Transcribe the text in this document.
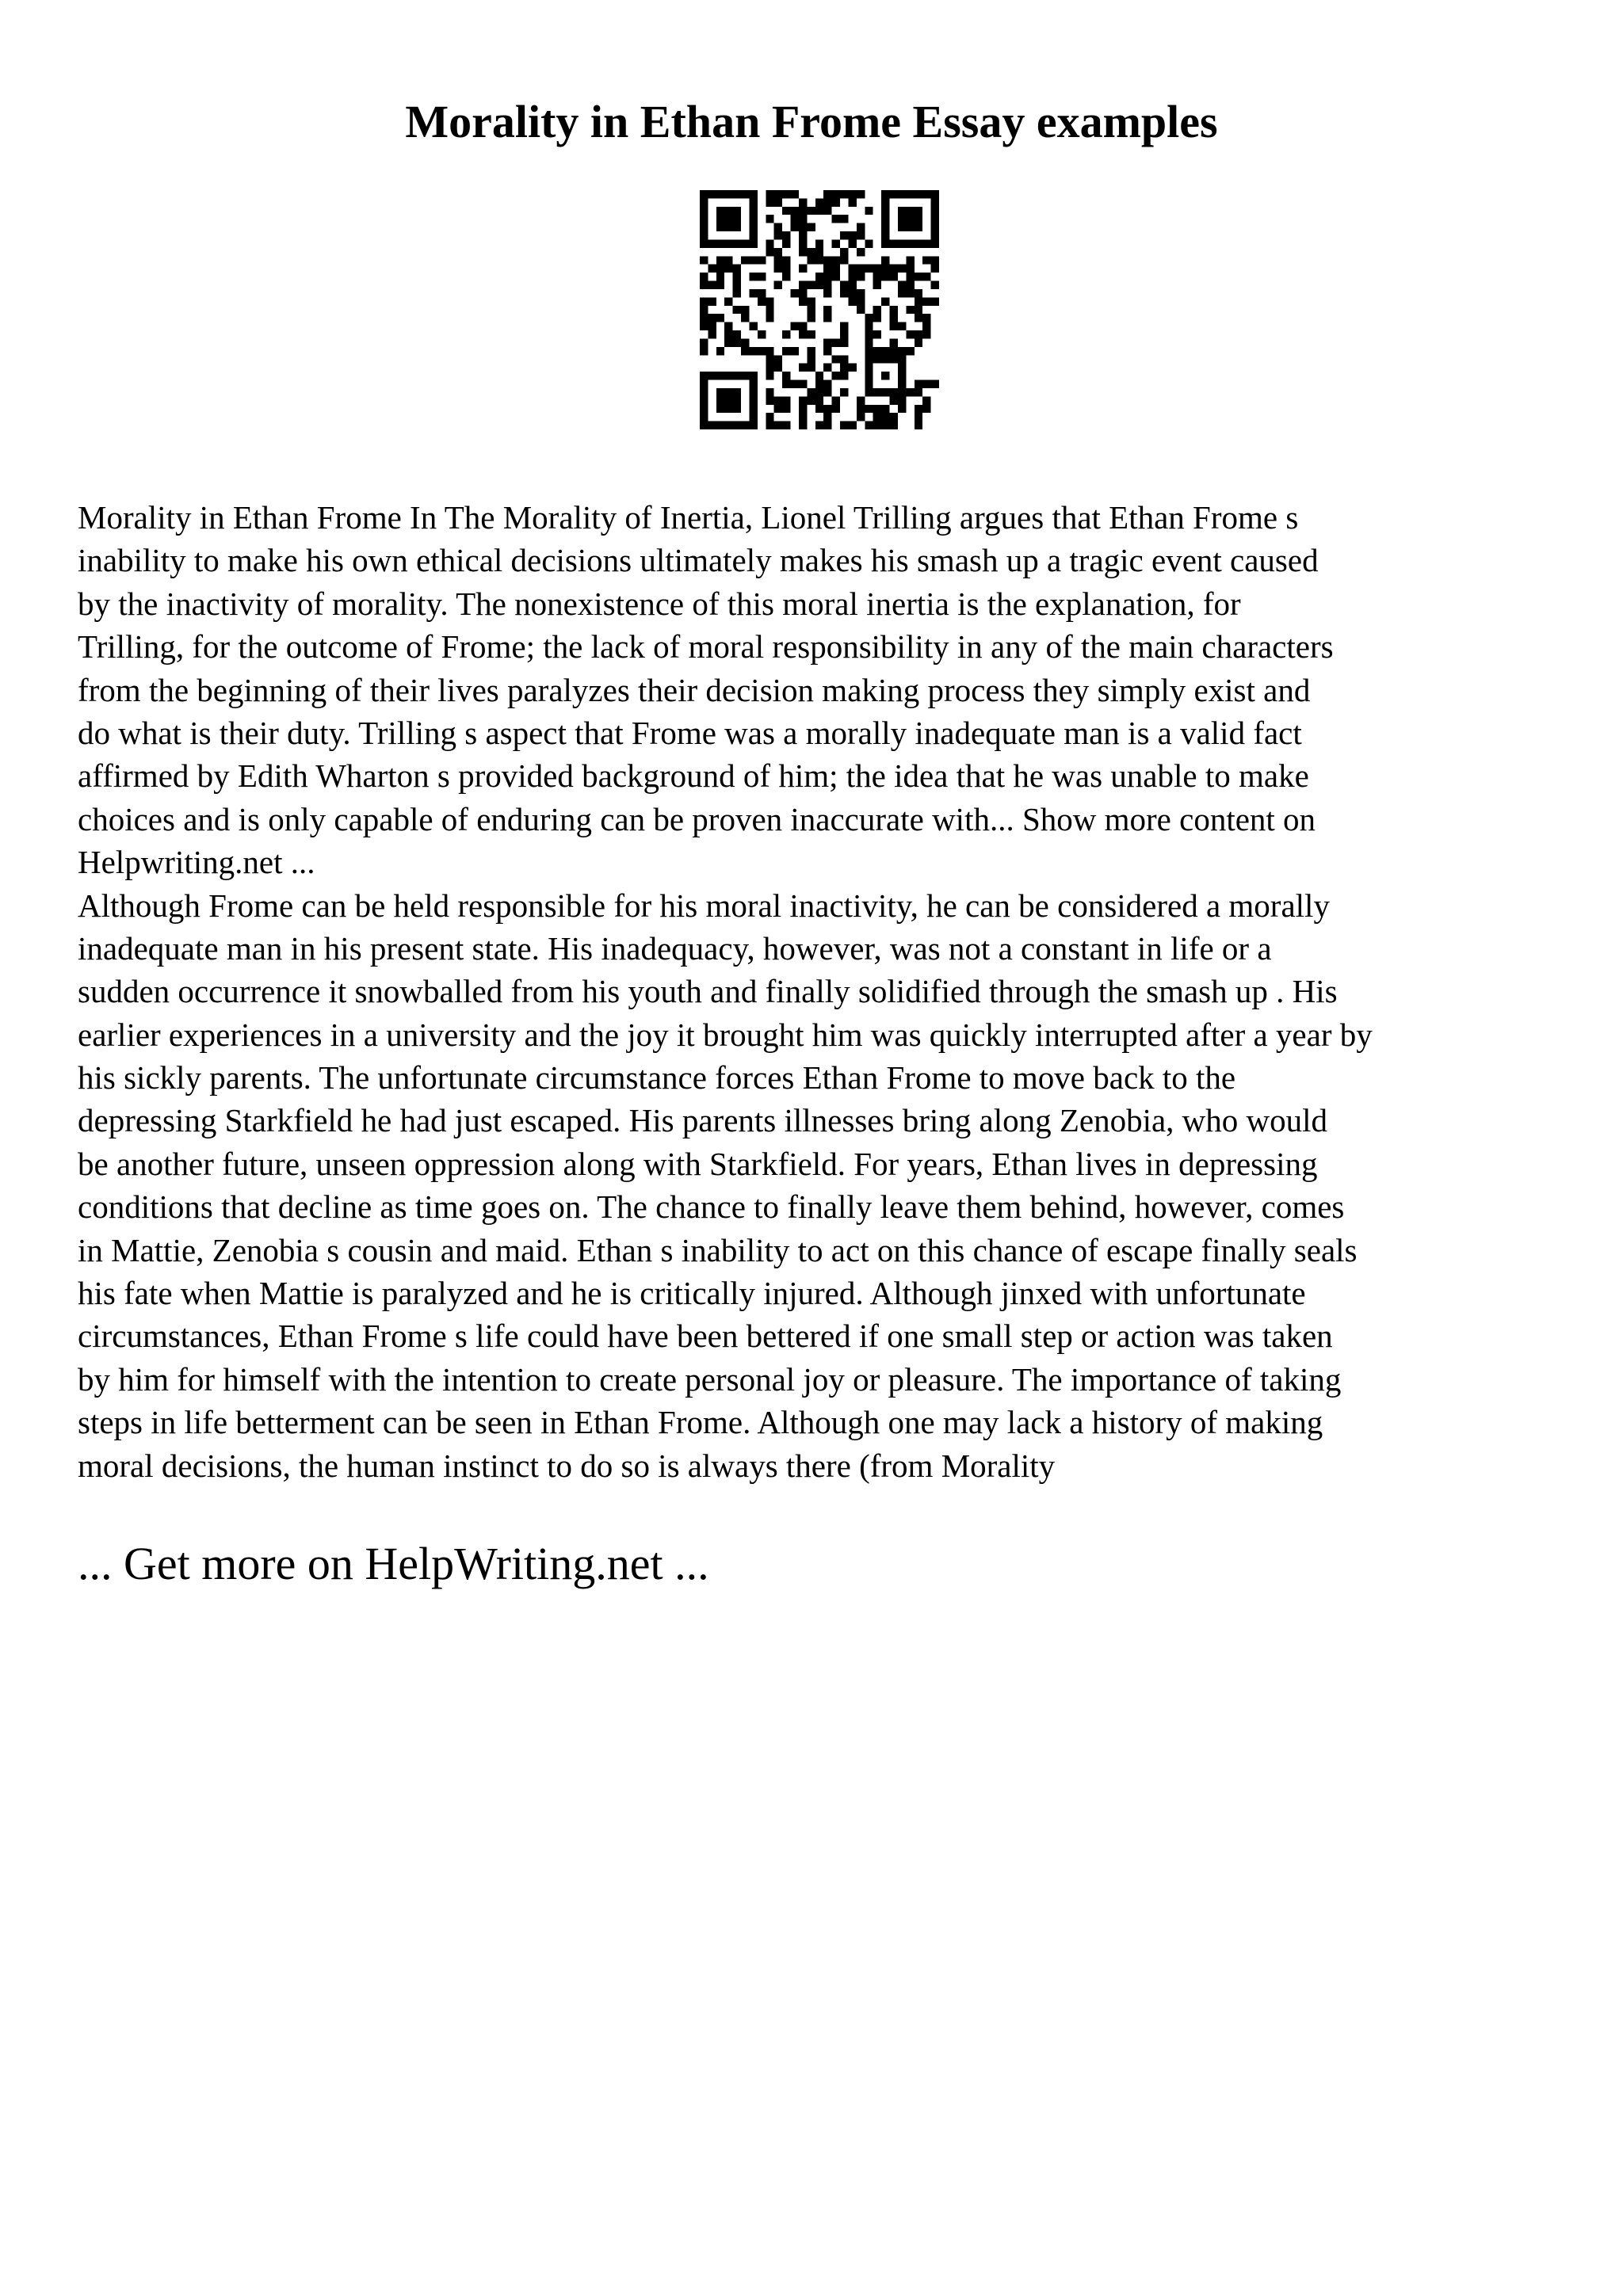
Morality in Ethan Frome Essay examples
Morality in Ethan Frome In The Morality of Inertia, Lionel Trilling argues that Ethan Frome s
inability to make his own ethical decisions ultimately makes his smash up a tragic event caused
by the inactivity of morality. The nonexistence of this moral inertia is the explanation, for
Trilling, for the outcome of Frome; the lack of moral responsibility in any of the main characters
from the beginning of their lives paralyzes their decision making process they simply exist and
do what is their duty. Trilling s aspect that Frome was a morally inadequate man is a valid fact
affirmed by Edith Wharton s provided background of him; the idea that he was unable to make
choices and is only capable of enduring can be proven inaccurate with... Show more content on
Helpwriting.net ...
Although Frome can be held responsible for his moral inactivity, he can be considered a morally
inadequate man in his present state. His inadequacy, however, was not a constant in life or a
sudden occurrence it snowballed from his youth and finally solidified through the smash up . His
earlier experiences in a university and the joy it brought him was quickly interrupted after a year by
his sickly parents. The unfortunate circumstance forces Ethan Frome to move back to the
depressing Starkfield he had just escaped. His parents illnesses bring along Zenobia, who would
be another future, unseen oppression along with Starkfield. For years, Ethan lives in depressing
conditions that decline as time goes on. The chance to finally leave them behind, however, comes
in Mattie, Zenobia s cousin and maid. Ethan s inability to act on this chance of escape finally seals
his fate when Mattie is paralyzed and he is critically injured. Although jinxed with unfortunate
circumstances, Ethan Frome s life could have been bettered if one small step or action was taken
by him for himself with the intention to create personal joy or pleasure. The importance of taking
steps in life betterment can be seen in Ethan Frome. Although one may lack a history of making
moral decisions, the human instinct to do so is always there (from Morality
... Get more on HelpWriting.net ...
